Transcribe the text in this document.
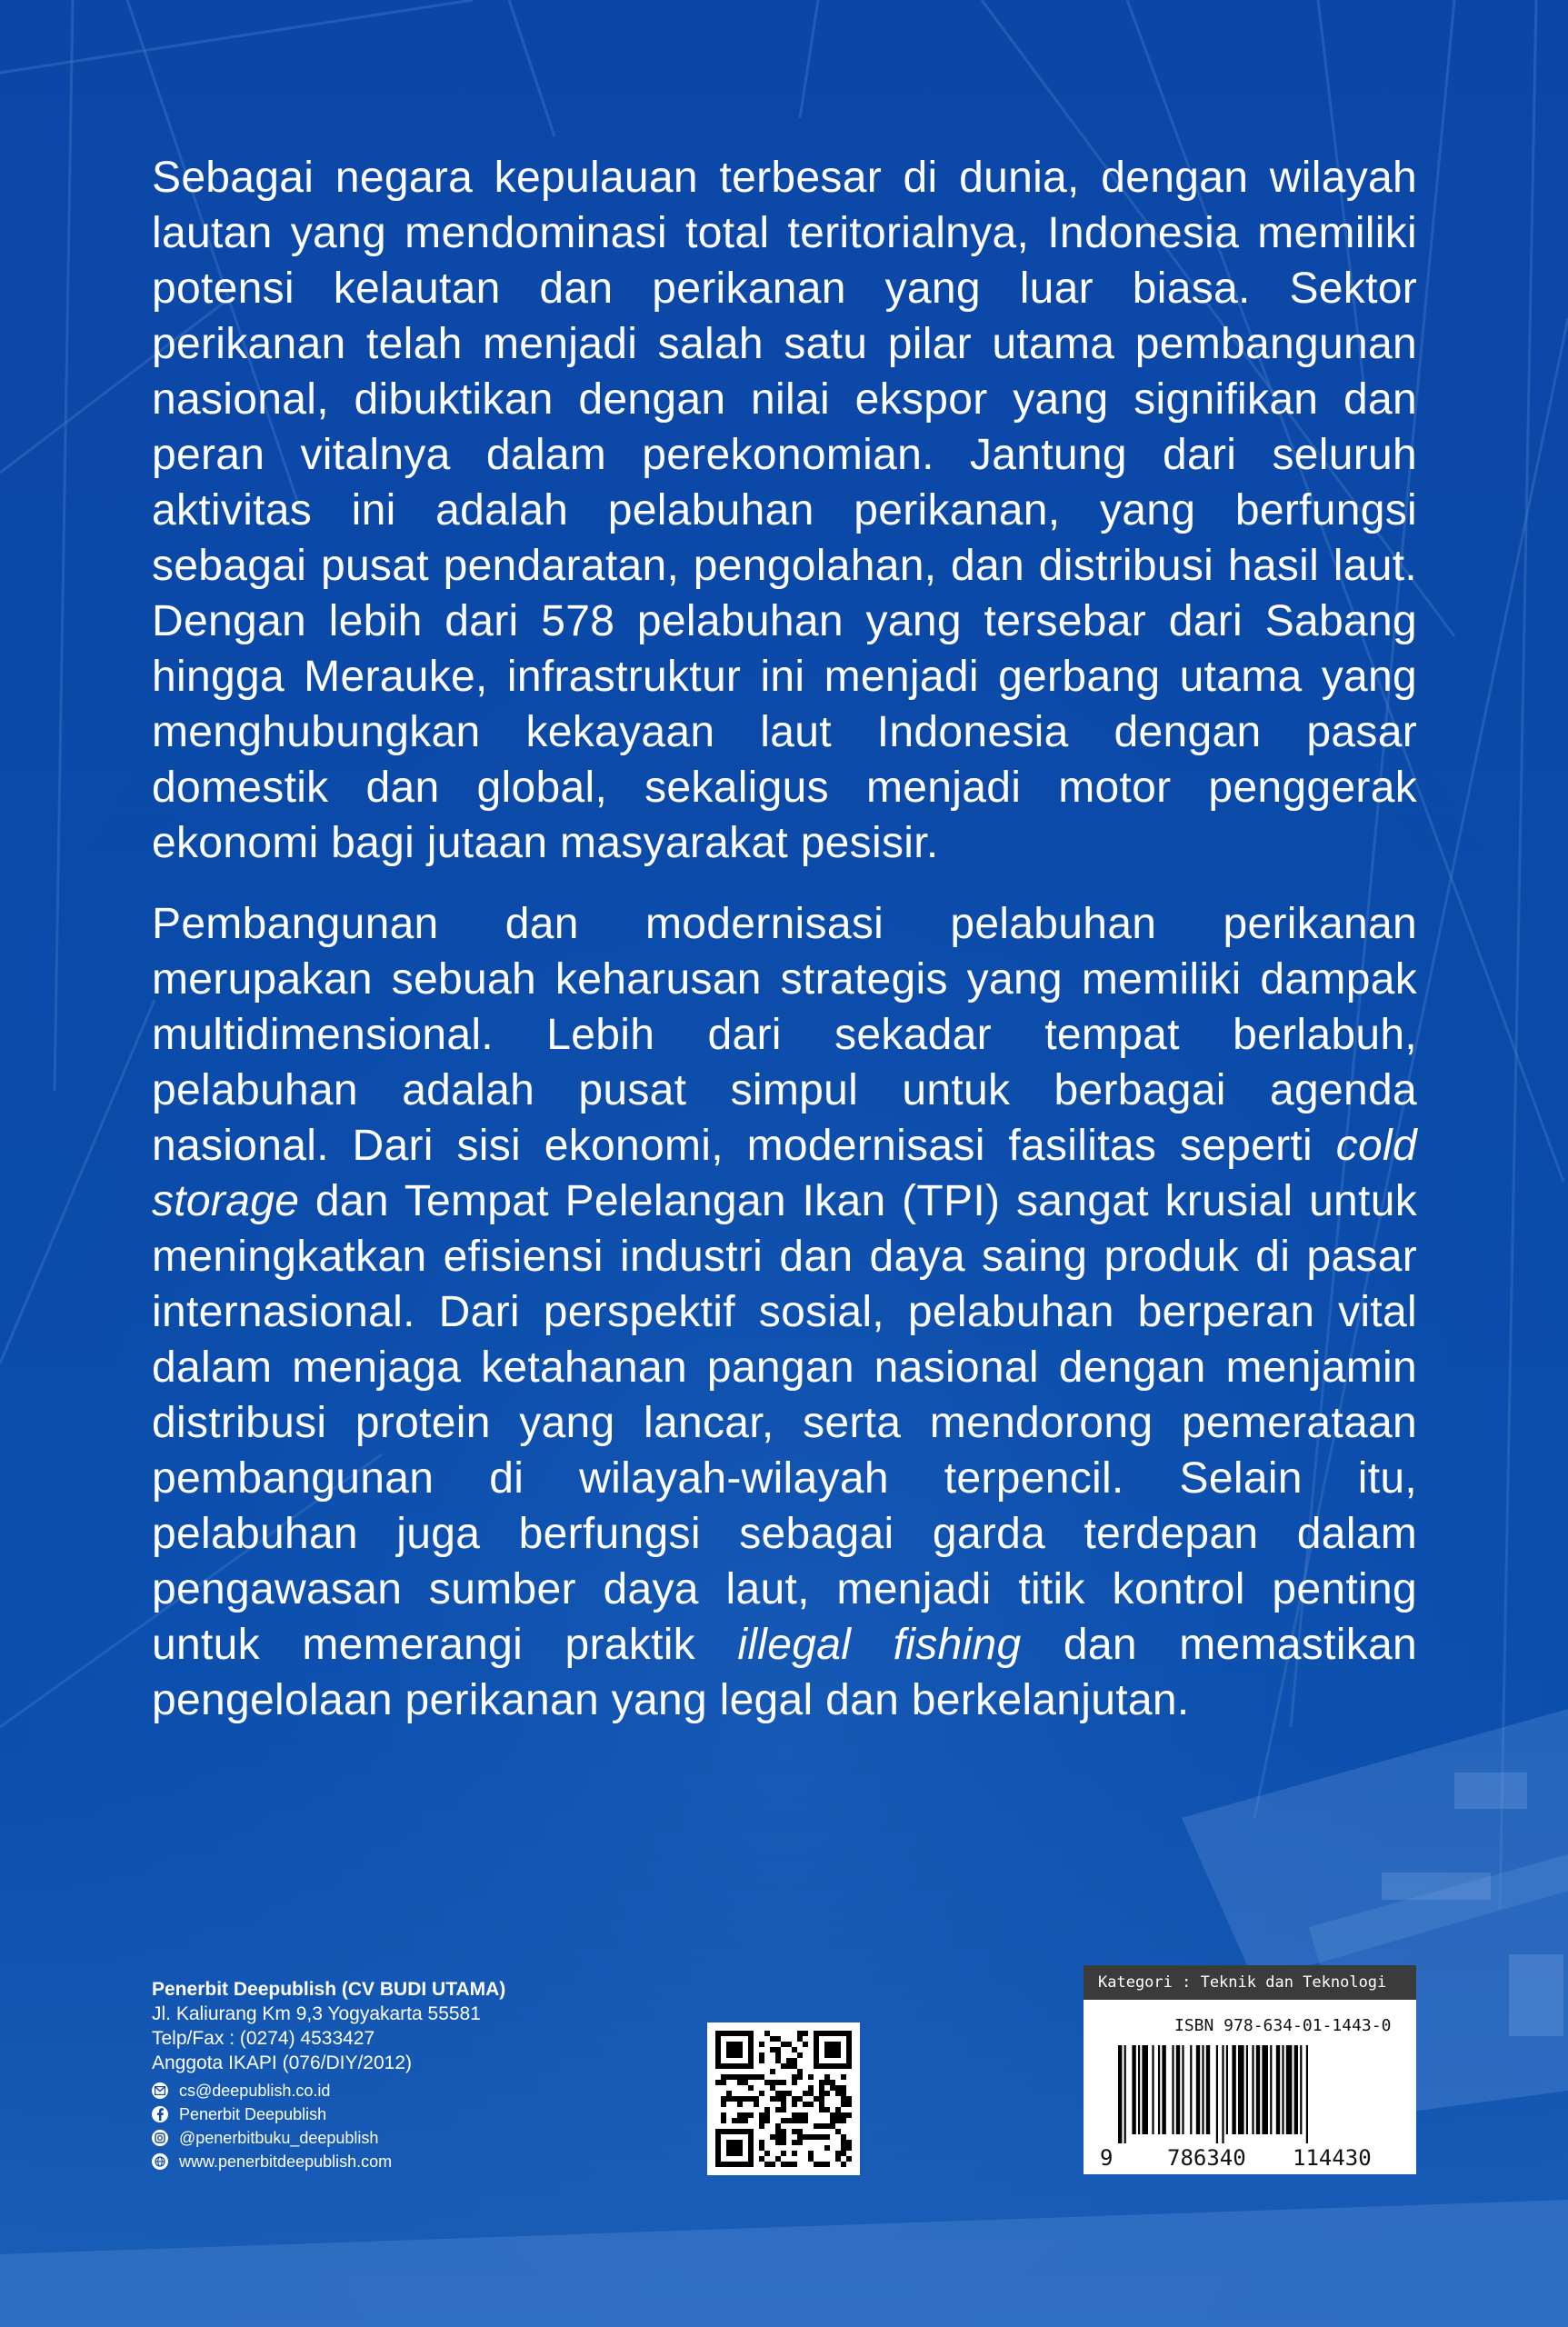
Sebagai negara kepulauan terbesar di dunia, dengan wilayah lautan yang mendominasi total teritorialnya, Indonesia memiliki potensi kelautan dan perikanan yang luar biasa. Sektor perikanan telah menjadi salah satu pilar utama pembangunan nasional, dibuktikan dengan nilai ekspor yang signifikan dan peran vitalnya dalam perekonomian. Jantung dari seluruh aktivitas ini adalah pelabuhan perikanan, yang berfungsi sebagai pusat pendaratan, pengolahan, dan distribusi hasil laut. Dengan lebih dari 578 pelabuhan yang tersebar dari Sabang hingga Merauke, infrastruktur ini menjadi gerbang utama yang menghubungkan kekayaan laut Indonesia dengan pasar domestik dan global, sekaligus menjadi motor penggerak ekonomi bagi jutaan masyarakat pesisir.

Pembangunan dan modernisasi pelabuhan perikanan merupakan sebuah keharusan strategis yang memiliki dampak multidimensional. Lebih dari sekadar tempat berlabuh, pelabuhan adalah pusat simpul untuk berbagai agenda nasional. Dari sisi ekonomi, modernisasi fasilitas seperti cold storage dan Tempat Pelelangan Ikan (TPI) sangat krusial untuk meningkatkan efisiensi industri dan daya saing produk di pasar internasional. Dari perspektif sosial, pelabuhan berperan vital dalam menjaga ketahanan pangan nasional dengan menjamin distribusi protein yang lancar, serta mendorong pemerataan pembangunan di wilayah-wilayah terpencil. Selain itu, pelabuhan juga berfungsi sebagai garda terdepan dalam pengawasan sumber daya laut, menjadi titik kontrol penting untuk memerangi praktik illegal fishing dan memastikan pengelolaan perikanan yang legal dan berkelanjutan.

Penerbit Deepublish (CV BUDI UTAMA)
Jl. Kaliurang Km 9,3 Yogyakarta 55581
Telp/Fax : (0274) 4533427
Anggota IKAPI (076/DIY/2012)
cs@deepublish.co.id
Penerbit Deepublish
@penerbitbuku_deepublish
www.penerbitdeepublish.com
Kategori : Teknik dan Teknologi
ISBN 978-634-01-1443-0
9 786340 114430
